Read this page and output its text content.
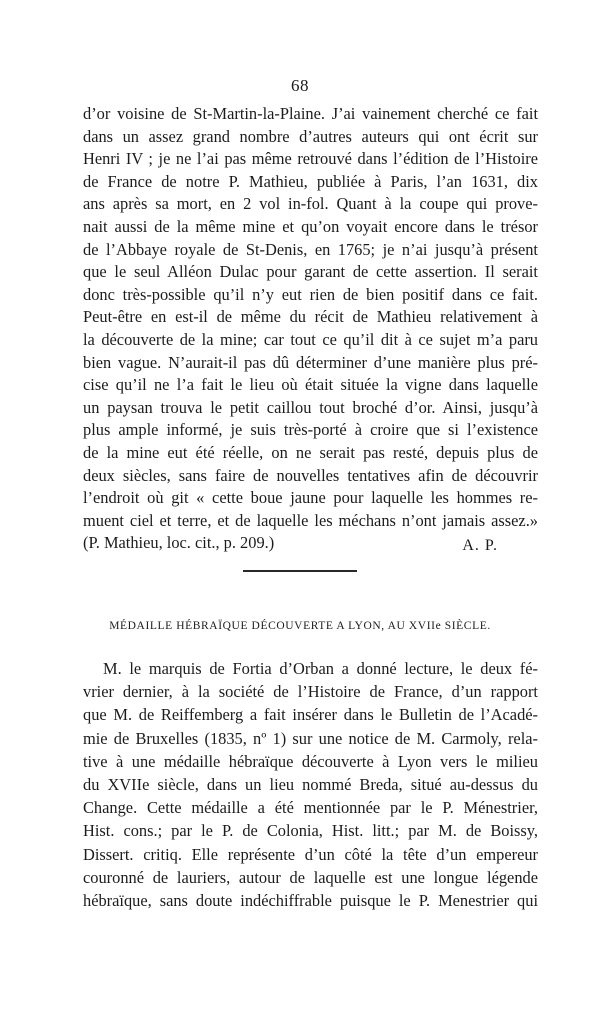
68
d’or voisine de St-Martin-la-Plaine. J’ai vainement cherché ce fait
dans un assez grand nombre d’autres auteurs qui ont écrit sur
Henri IV ; je ne l’ai pas même retrouvé dans l’édition de l’Histoire
de France de notre P. Mathieu, publiée à Paris, l’an 1631, dix
ans après sa mort, en 2 vol in-fol. Quant à la coupe qui prove-
nait aussi de la même mine et qu’on voyait encore dans le trésor
de l’Abbaye royale de St-Denis, en 1765; je n’ai jusqu’à présent
que le seul Alléon Dulac pour garant de cette assertion. Il serait
donc très-possible qu’il n’y eut rien de bien positif dans ce fait.
Peut-être en est-il de même du récit de Mathieu relativement à
la découverte de la mine; car tout ce qu’il dit à ce sujet m’a paru
bien vague. N’aurait-il pas dû déterminer d’une manière plus pré-
cise qu’il ne l’a fait le lieu où était située la vigne dans laquelle
un paysan trouva le petit caillou tout broché d’or. Ainsi, jusqu’à
plus ample informé, je suis très-porté à croire que si l’existence
de la mine eut été réelle, on ne serait pas resté, depuis plus de
deux siècles, sans faire de nouvelles tentatives afin de découvrir
l’endroit où git « cette boue jaune pour laquelle les hommes re-
muent ciel et terre, et de laquelle les méchans n’ont jamais assez.»
(P. Mathieu, loc. cit., p. 209.)	A. P.
MÉDAILLE HÉBRAÏQUE DÉCOUVERTE A LYON, AU XVIIe SIÈCLE.
M. le marquis de Fortia d’Orban a donné lecture, le deux fé-
vrier dernier, à la société de l’Histoire de France, d’un rapport
que M. de Reiffemberg a fait insérer dans le Bulletin de l’Acadé-
mie de Bruxelles (1835, nº 1) sur une notice de M. Carmoly, rela-
tive à une médaille hébraïque découverte à Lyon vers le milieu
du XVIIe siècle, dans un lieu nommé Breda, situé au-dessus du
Change. Cette médaille a été mentionnée par le P. Ménestrier,
Hist. cons.; par le P. de Colonia, Hist. litt.; par M. de Boissy,
Dissert. critiq. Elle représente d’un côté la tête d’un empereur
couronné de lauriers, autour de laquelle est une longue légende
hébraïque, sans doute indéchiffrable puisque le P. Menestrier qui
